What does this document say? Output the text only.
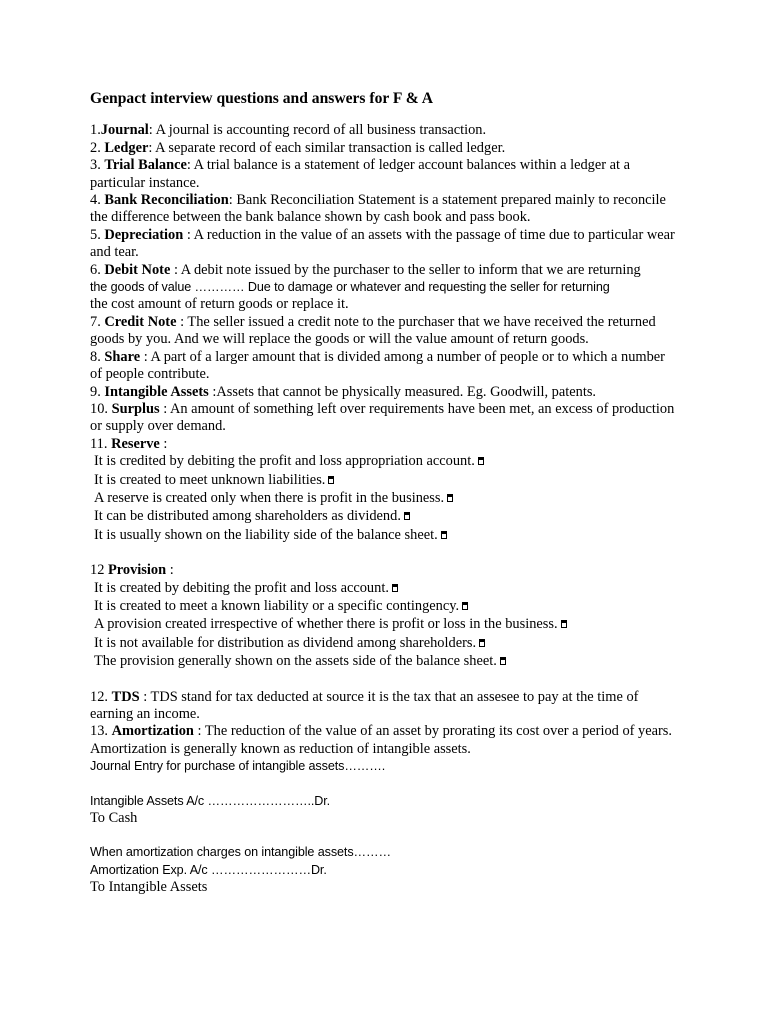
Genpact interview questions and answers for F & A
1.Journal: A journal is accounting record of all business transaction.
2. Ledger: A separate record of each similar transaction is called ledger.
3. Trial Balance: A trial balance is a statement of ledger account balances within a ledger at a particular instance.
4. Bank Reconciliation: Bank Reconciliation Statement is a statement prepared mainly to reconcile the difference between the bank balance shown by cash book and pass book.
5. Depreciation : A reduction in the value of an assets with the passage of time due to particular wear and tear.
6. Debit Note : A debit note issued by the purchaser to the seller to inform that we are returning
the goods of value ………… Due to damage or whatever and requesting the seller for returning
the cost amount of return goods or replace it.
7. Credit Note : The seller issued a credit note to the purchaser that we have received the returned goods by you. And we will replace the goods or will the value amount of return goods.
8. Share : A part of a larger amount that is divided among a number of people or to which a number of people contribute.
9. Intangible Assets :Assets that cannot be physically measured. Eg. Goodwill, patents.
10. Surplus : An amount of something left over requirements have been met, an excess of production or supply over demand.
11. Reserve :
It is credited by debiting the profit and loss appropriation account.
It is created to meet unknown liabilities.
A reserve is created only when there is profit in the business.
It can be distributed among shareholders as dividend.
It is usually shown on the liability side of the balance sheet.
12 Provision :
It is created by debiting the profit and loss account.
It is created to meet a known liability or a specific contingency.
A provision created irrespective of whether there is profit or loss in the business.
It is not available for distribution as dividend among shareholders.
The provision generally shown on the assets side of the balance sheet.
12. TDS : TDS stand for tax deducted at source it is the tax that an assesee to pay at the time of earning an income.
13. Amortization : The reduction of the value of an asset by prorating its cost over a period of years. Amortization is generally known as reduction of intangible assets.
Journal Entry for purchase of intangible assets……….
Intangible Assets A/c ……………………..Dr.
To Cash
When amortization charges on intangible assets………
Amortization Exp. A/c ……………………Dr.
To Intangible Assets
